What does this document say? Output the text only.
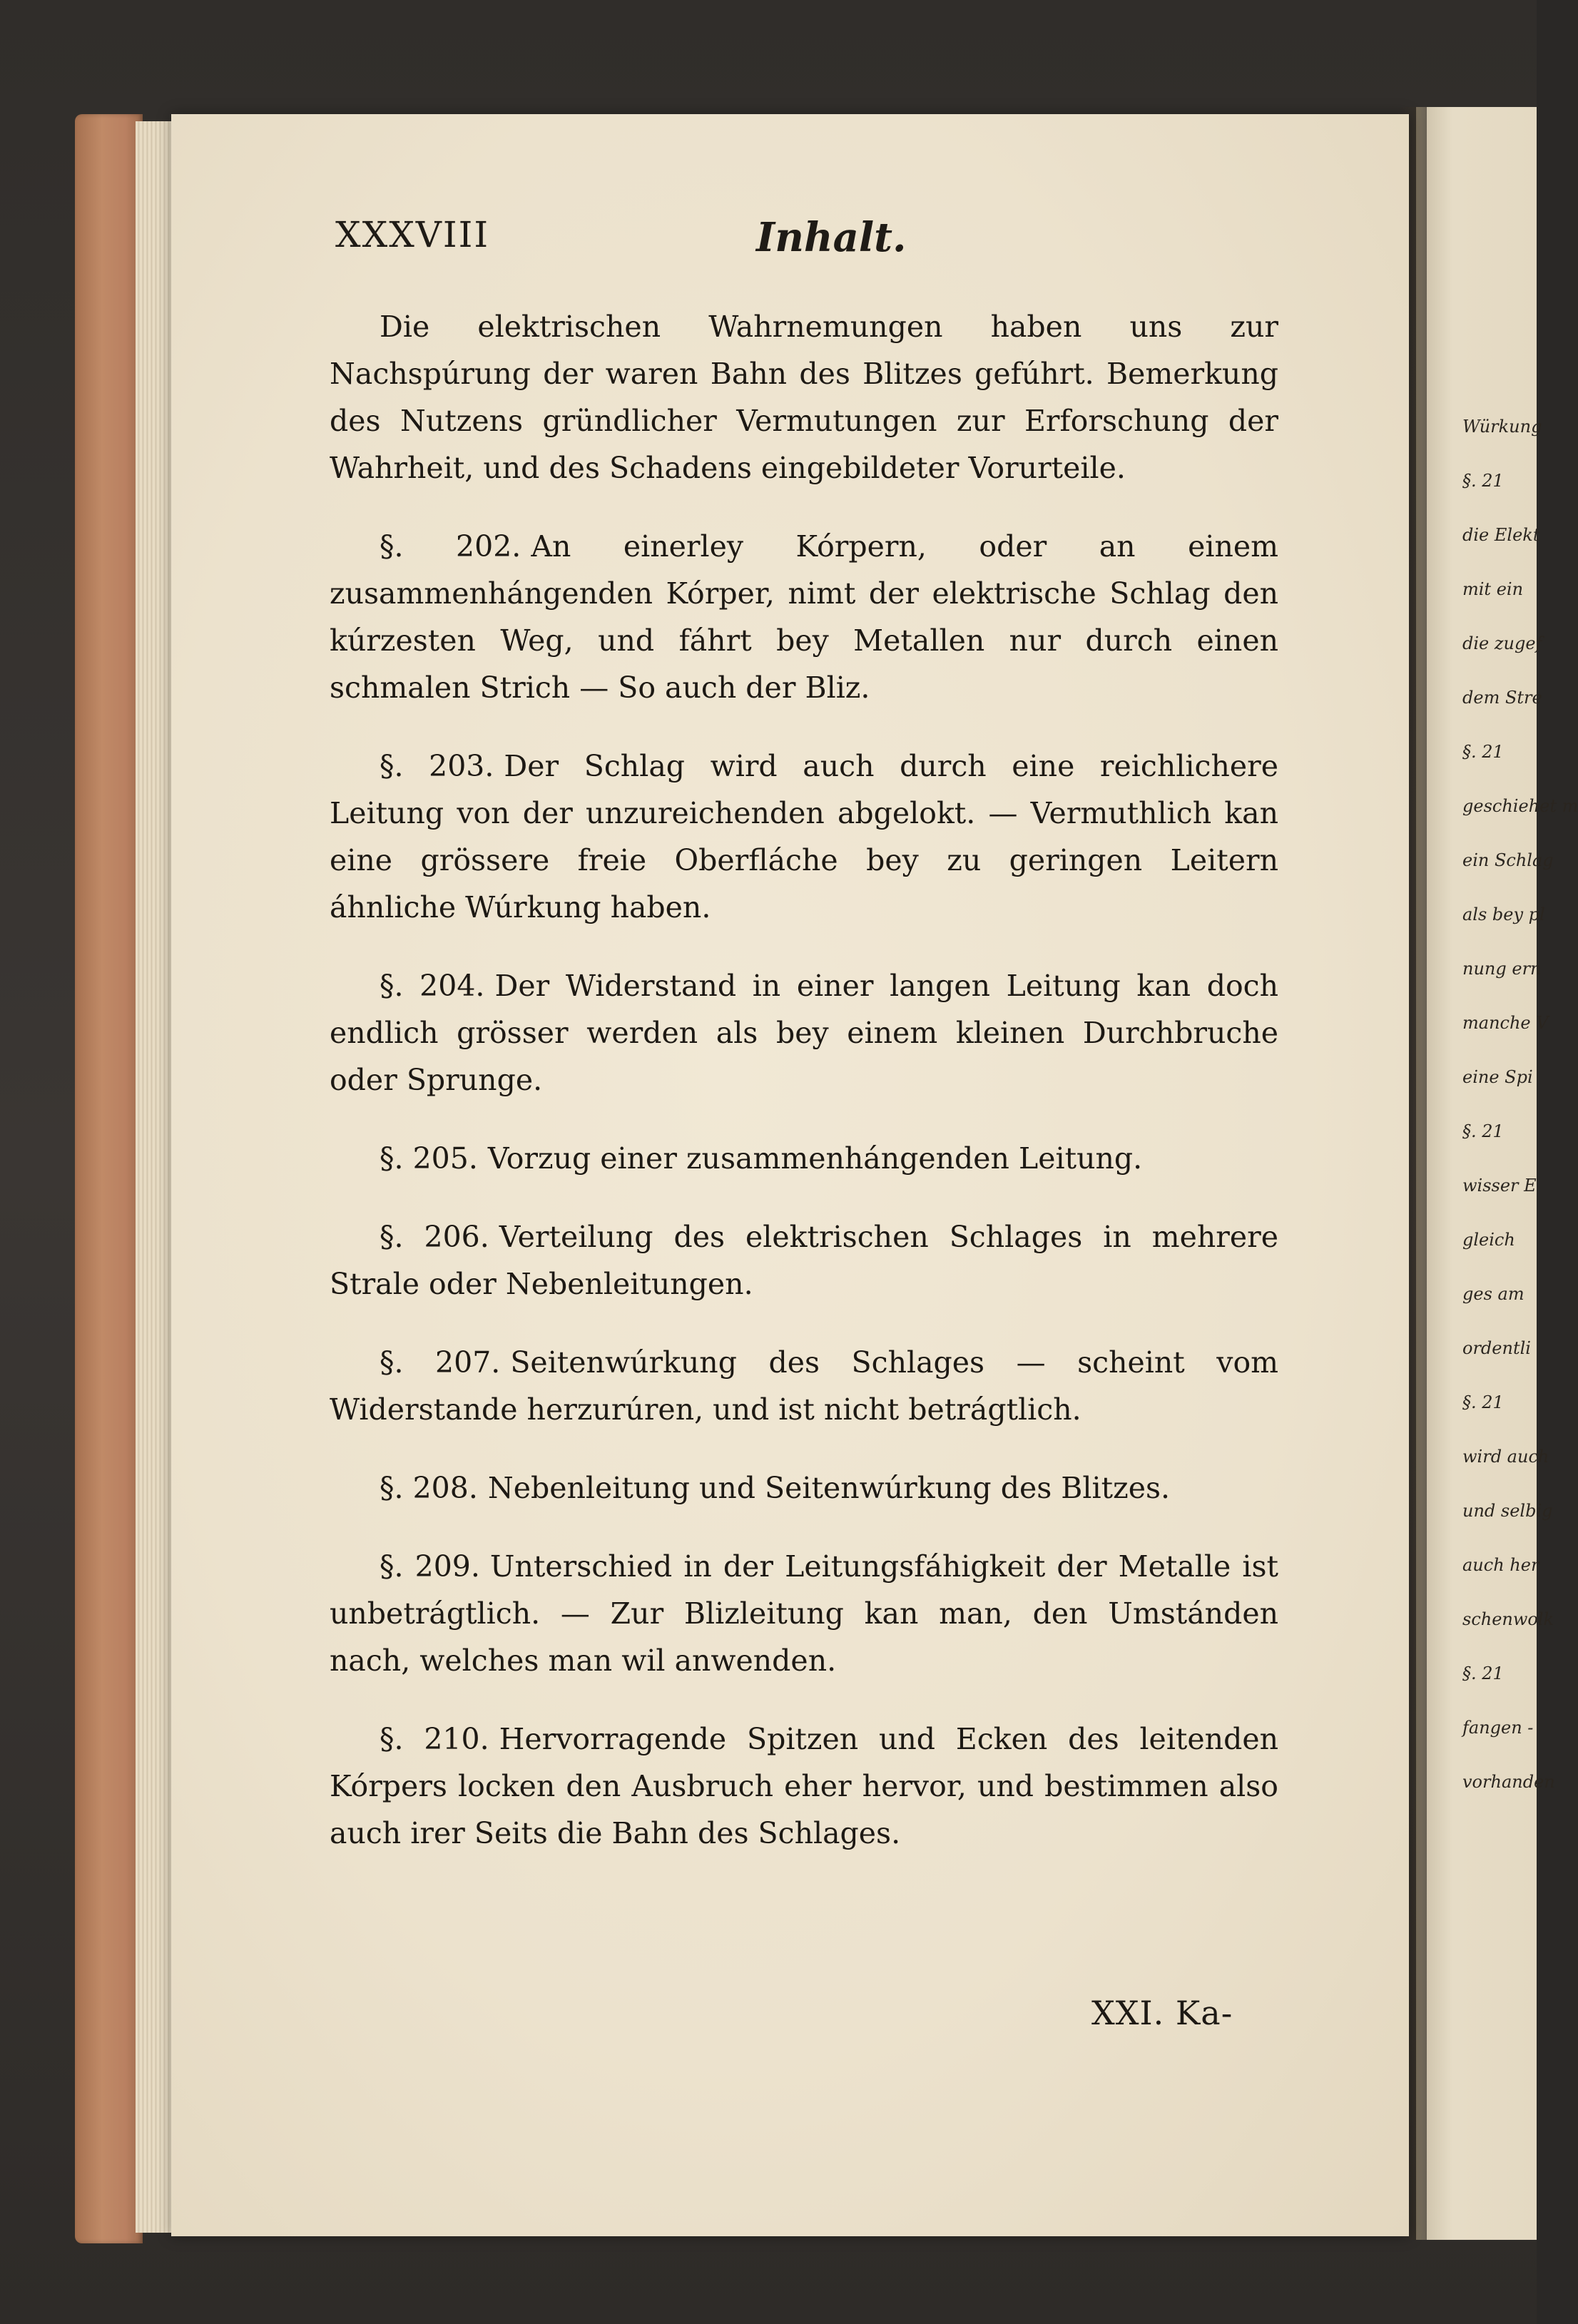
XXXVIII	Inhalt.

Die elektrischen Wahrnemungen haben uns zur Nachspúrung der waren Bahn des Blitzes gefúhrt. Bemerkung des Nutzens gründlicher Vermutungen zur Erforschung der Wahrheit, und des Schadens eingebildeter Vorurteile.

§. 202. An einerley Kórpern, oder an einem zusammenhángenden Kórper, nimt der elektrische Schlag den kúrzesten Weg, und fáhrt bey Metallen nur durch einen schmalen Strich — So auch der Bliz.

§. 203. Der Schlag wird auch durch eine reichlichere Leitung von der unzureichenden abgelokt. — Vermuthlich kan eine grössere freie Oberfláche bey zu geringen Leitern áhnliche Wúrkung haben.

§. 204. Der Widerstand in einer langen Leitung kan doch endlich grösser werden als bey einem kleinen Durchbruche oder Sprunge.

§. 205. Vorzug einer zusammenhángenden Leitung.

§. 206. Verteilung des elektrischen Schlages in mehrere Strale oder Nebenleitungen.

§. 207. Seitenwúrkung des Schlages — scheint vom Widerstande herzurúren, und ist nicht betrágtlich.

§. 208. Nebenleitung und Seitenwúrkung des Blitzes.

§. 209. Unterschied in der Leitungsfáhigkeit der Metalle ist unbetrágtlich. — Zur Blizleitung kan man, den Umstánden nach, welches man wil anwenden.

§. 210. Hervorragende Spitzen und Ecken des leitenden Kórpers locken den Ausbruch eher hervor, und bestimmen also auch irer Seits die Bahn des Schlages.

XXI. Ka-
Würkung
§. 21
die Elekt
mit ein
die zugef
dem Stre
§. 21
geschiehet m
ein Schlag
als bey pl
nung ern
manche V
eine Spi
§. 21
wisser E
gleich
ges am
ordentli
§. 21
wird auch
und selbig
auch her
schenwolk
§. 21
fangen -
vorhanden
